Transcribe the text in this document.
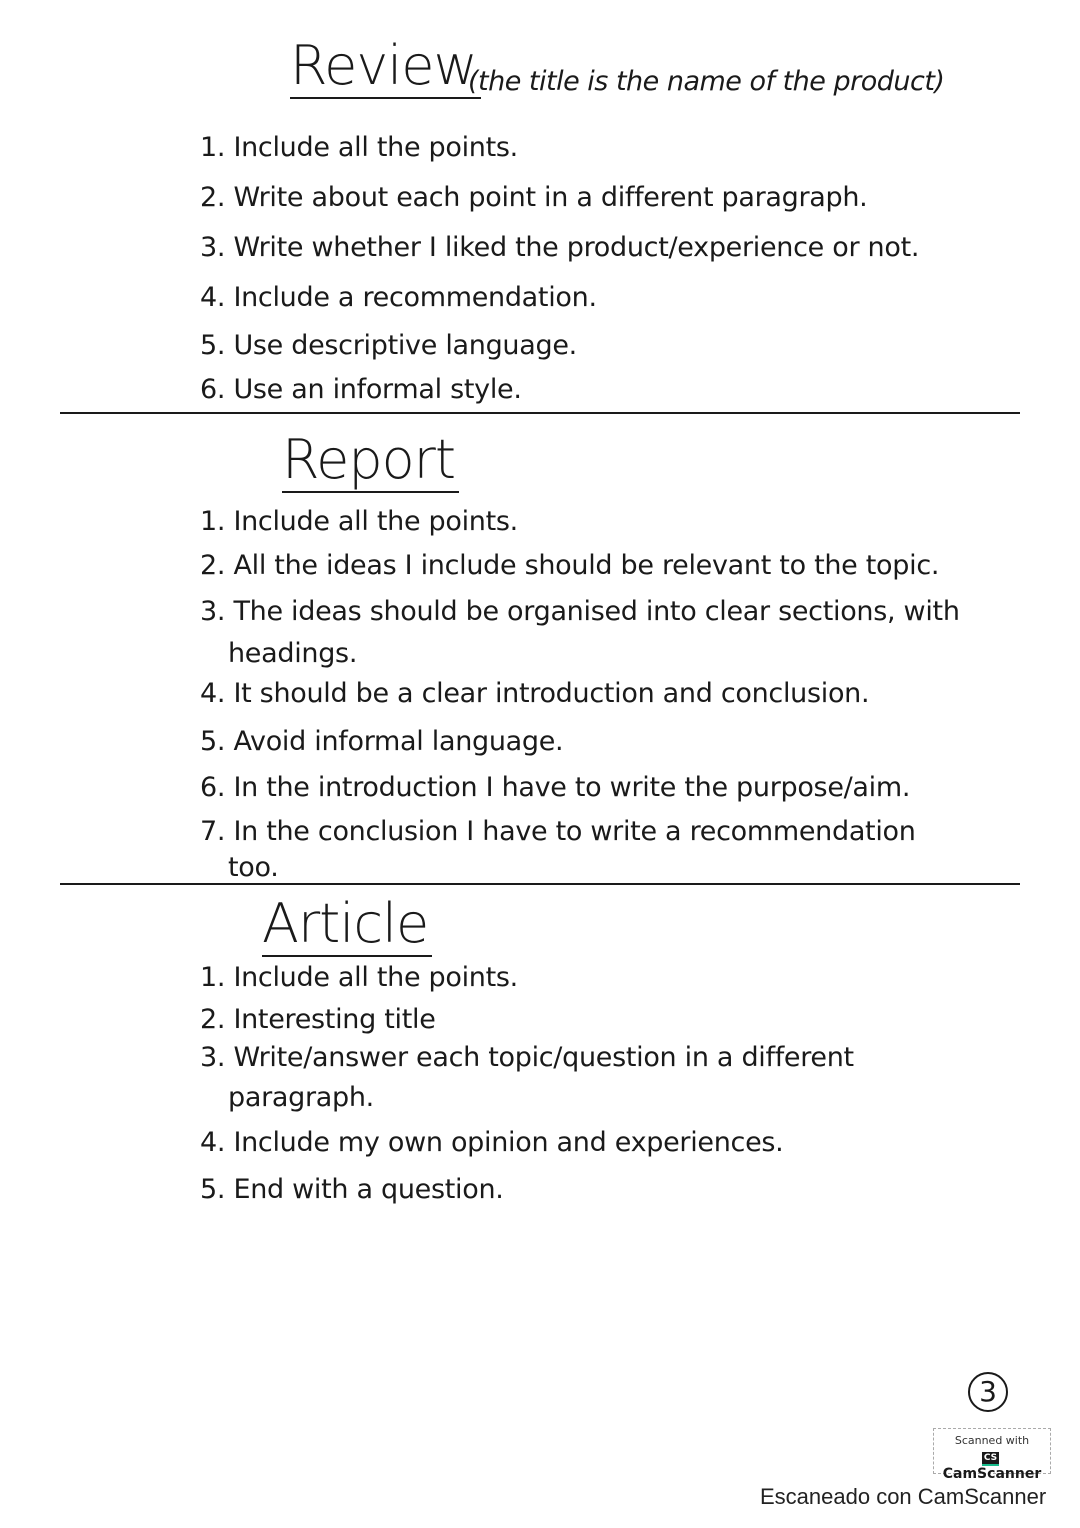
Review
(the title is the name of the product)
1. Include all the points.
2. Write about each point in a different paragraph.
3. Write whether I liked the product/experience or not.
4. Include a recommendation.
5. Use descriptive language.
6. Use an informal style.
Report
1. Include all the points.
2. All the ideas I include should be relevant to the topic.
3. The ideas should be organised into clear sections, with
headings.
4. It should be a clear introduction and conclusion.
5. Avoid informal language.
6. In the introduction I have to write the purpose/aim.
7. In the conclusion I have to write a recommendation
too.
Article
1. Include all the points.
2. Interesting title
3. Write/answer each topic/question in a different
paragraph.
4. Include my own opinion and experiences.
5. End with a question.
3
Scanned with
CSCamScanner
Escaneado con CamScanner
